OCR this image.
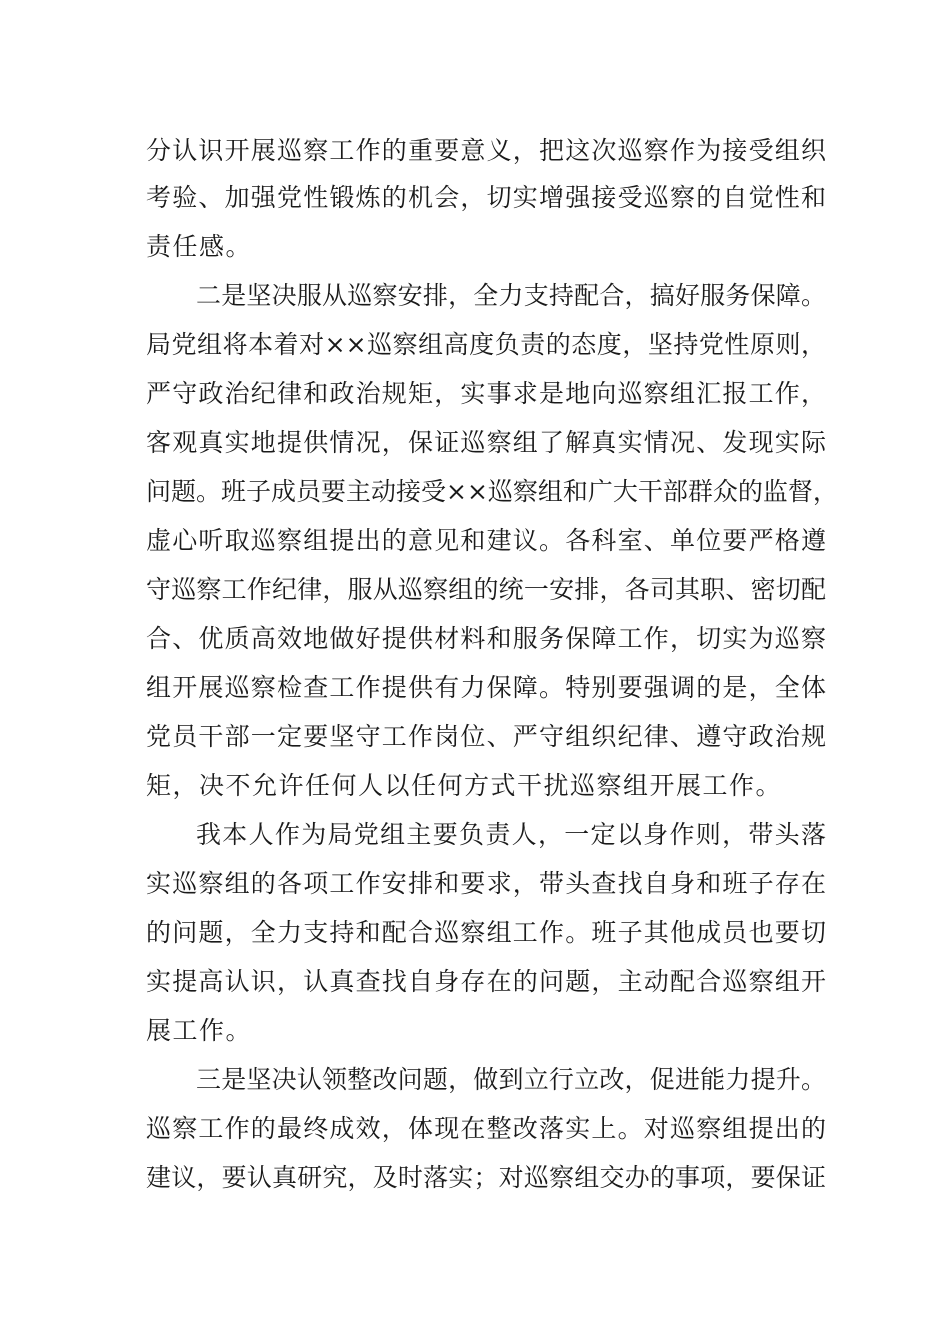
分认识开展巡察工作的重要意义，把这次巡察作为接受组织
考验、加强党性锻炼的机会，切实增强接受巡察的自觉性和
责任感。
二是坚决服从巡察安排，全力支持配合，搞好服务保障。
局党组将本着对××巡察组高度负责的态度，坚持党性原则，
严守政治纪律和政治规矩，实事求是地向巡察组汇报工作，
客观真实地提供情况，保证巡察组了解真实情况、发现实际
问题。班子成员要主动接受××巡察组和广大干部群众的监督，
虚心听取巡察组提出的意见和建议。各科室、单位要严格遵
守巡察工作纪律，服从巡察组的统一安排，各司其职、密切配
合、优质高效地做好提供材料和服务保障工作，切实为巡察
组开展巡察检查工作提供有力保障。特别要强调的是，全体
党员干部一定要坚守工作岗位、严守组织纪律、遵守政治规
矩，决不允许任何人以任何方式干扰巡察组开展工作。
我本人作为局党组主要负责人，一定以身作则，带头落
实巡察组的各项工作安排和要求，带头查找自身和班子存在
的问题，全力支持和配合巡察组工作。班子其他成员也要切
实提高认识，认真查找自身存在的问题，主动配合巡察组开
展工作。
三是坚决认领整改问题，做到立行立改，促进能力提升。
巡察工作的最终成效，体现在整改落实上。对巡察组提出的
建议，要认真研究，及时落实；对巡察组交办的事项，要保证
